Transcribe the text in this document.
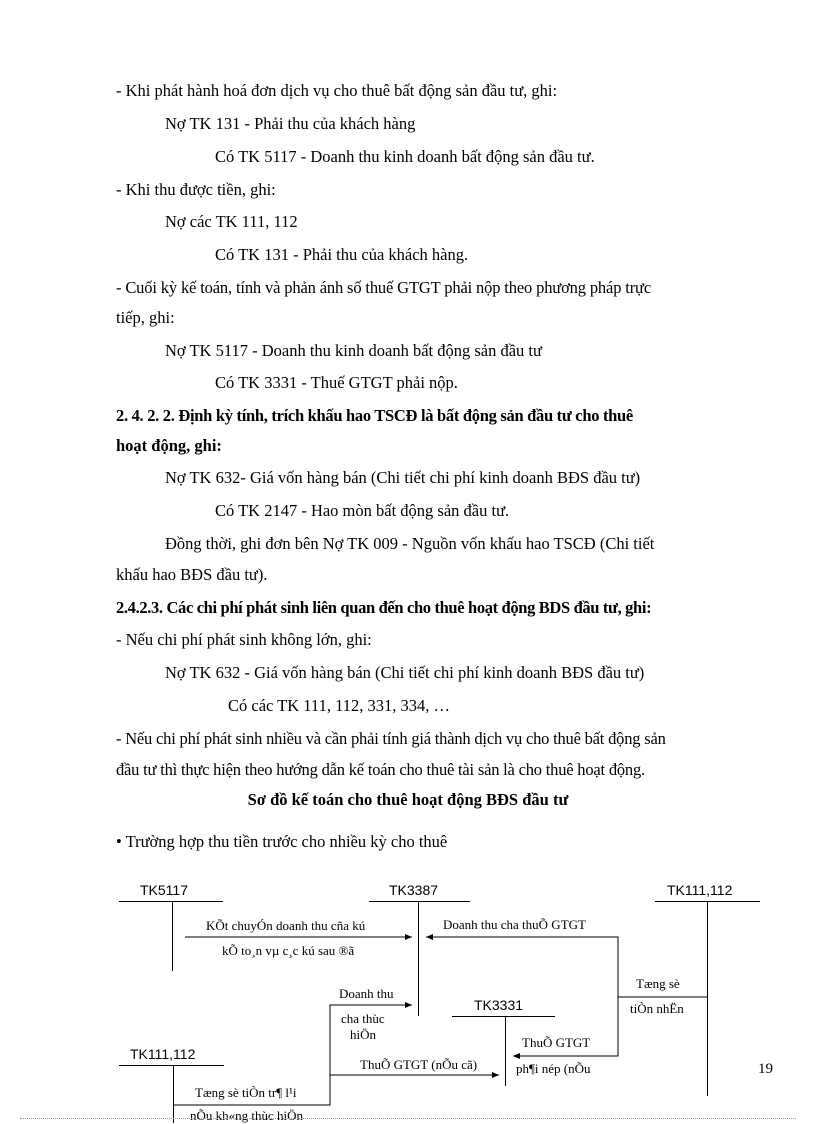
- Khi phát hành hoá đơn dịch vụ cho thuê bất động sản đầu tư, ghi:
Nợ TK 131 - Phải thu của khách hàng
Có TK 5117 - Doanh thu kinh doanh bất động sản đầu tư.
- Khi thu được tiền, ghi:
Nợ các TK 111, 112
Có TK 131 - Phải thu của khách hàng.
- Cuối kỳ kế toán, tính và phản ánh số thuế GTGT phải nộp theo phương pháp trực
tiếp, ghi:
Nợ TK 5117 - Doanh thu kinh doanh bất động sản đầu tư
Có TK 3331 - Thuế GTGT phải nộp.
2. 4. 2. 2. Định kỳ tính, trích khấu hao TSCĐ là bất động sản đầu tư cho thuê
hoạt động, ghi:
Nợ TK 632- Giá vốn hàng bán (Chi tiết chi phí kinh doanh BĐS đầu tư)
Có TK 2147 - Hao mòn bất động sản đầu tư.
Đồng thời, ghi đơn bên Nợ TK 009 - Nguồn vốn khấu hao TSCĐ (Chi tiết
khấu hao BĐS đầu tư).
2.4.2.3. Các chi phí phát sinh liên quan đến cho thuê hoạt động BDS đầu tư, ghi:
- Nếu chi phí phát sinh không lớn, ghi:
Nợ TK 632 - Giá vốn hàng bán (Chi tiết chi phí kinh doanh BĐS đầu tư)
Có các TK 111, 112, 331, 334, …
- Nếu chi phí phát sinh nhiều và cần phải tính giá thành dịch vụ cho thuê bất động sản
đầu tư thì thực hiện theo hướng dẫn kế toán cho thuê tài sản là cho thuê hoạt động.
Sơ đồ kế toán cho thuê hoạt động BĐS đầu tư
• Trường hợp thu tiền trước cho nhiều kỳ cho thuê
TK5117	TK3387	TK111,112
TK3331
TK111,112
KÕt chuyÓn doanh thu cña kú
kÕ to¸n vµ c¸c kú sau ®ã
Doanh thu cha thuÕ GTGT
Tæng sè
tiÒn nhËn
Doanh thu
cha thùc
hiÖn
ThuÕ GTGT
ph¶i nép (nÕu
ThuÕ GTGT (nÕu cã)
Tæng sè tiÒn tr¶ l¹i
nÕu kh«ng thùc hiÖn
19
